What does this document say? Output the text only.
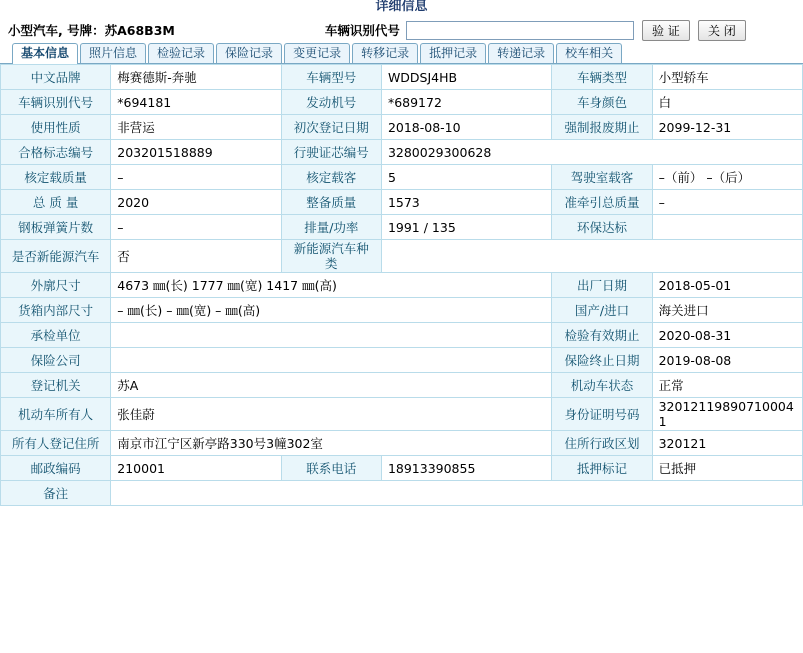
详细信息
小型汽车, 号牌：苏A68B3M	车辆识别代号	验 证	关 闭
基本信息	照片信息	检验记录	保险记录	变更记录	转移记录	抵押记录	转递记录	校车相关
中文品牌	梅赛德斯-奔驰	车辆型号	WDDSJ4HB	车辆类型	小型轿车
车辆识别代号	*694181	发动机号	*689172	车身颜色	白
使用性质	非营运	初次登记日期	2018-08-10	强制报废期止	2099-12-31
合格标志编号	203201518889	行驶证芯编号	3280029300628		
核定载质量	–	核定载客	5	驾驶室载客	–（前） –（后）
总 质 量	2020	整备质量	1573	准牵引总质量	–
钢板弹簧片数	–	排量/功率	1991 / 135	环保达标	
是否新能源汽车	否	新能源汽车种类			
外廓尺寸	4673 ㎜(长) 1777 ㎜(宽) 1417 ㎜(高)			出厂日期	2018-05-01
货箱内部尺寸	– ㎜(长) – ㎜(宽) – ㎜(高)			国产/进口	海关进口
承检单位				检验有效期止	2020-08-31
保险公司				保险终止日期	2019-08-08
登记机关	苏A			机动车状态	正常
机动车所有人	张佳蔚			身份证明号码	320121198907100041
所有人登记住所	南京市江宁区新亭路330号3幢302室			住所行政区划	320121
邮政编码	210001	联系电话	18913390855	抵押标记	已抵押
备注					
